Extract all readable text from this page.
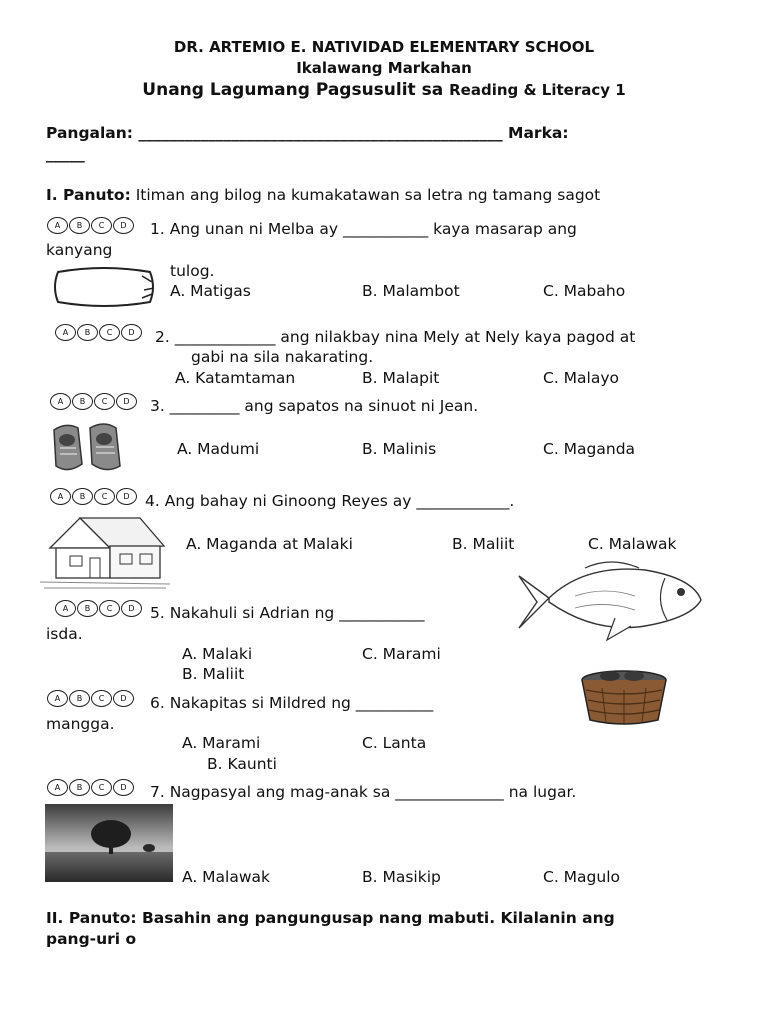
DR. ARTEMIO E. NATIVIDAD ELEMENTARY SCHOOL
Ikalawang Markahan
Unang Lagumang Pagsusulit sa Reading & Literacy 1
Pangalan: _______________________________________________ Marka:
_____
I. Panuto: Itiman ang bilog na kumakatawan sa letra ng tamang sagot
A	B	C	D	1. Ang unan ni Melba ay ___________ kaya masarap ang
kanyang
tulog.
A. Matigas	B. Malambot	C. Mabaho
A	B	C	D	2. _____________ ang nilakbay nina Mely at Nely kaya pagod at
gabi na sila nakarating.
A. Katamtaman	B. Malapit	C. Malayo
A	B	C	D	3. _________ ang sapatos na sinuot ni Jean.
A. Madumi	B. Malinis	C. Maganda
A	B	C	D 4. Ang bahay ni Ginoong Reyes ay ____________.
A. Maganda at Malaki	B. Maliit	C. Malawak
A	B	C	D 5. Nakahuli si Adrian ng ___________
isda.
A. Malaki	C. Marami
B. Maliit
A	B	C	D	6. Nakapitas si Mildred ng __________
mangga.
A. Marami	C. Lanta
B. Kaunti
A	B	C	D	7. Nagpasyal ang mag-anak sa ______________ na lugar.
A. Malawak	B. Masikip	C. Magulo
II. Panuto: Basahin ang pangungusap nang mabuti. Kilalanin ang
pang-uri o
